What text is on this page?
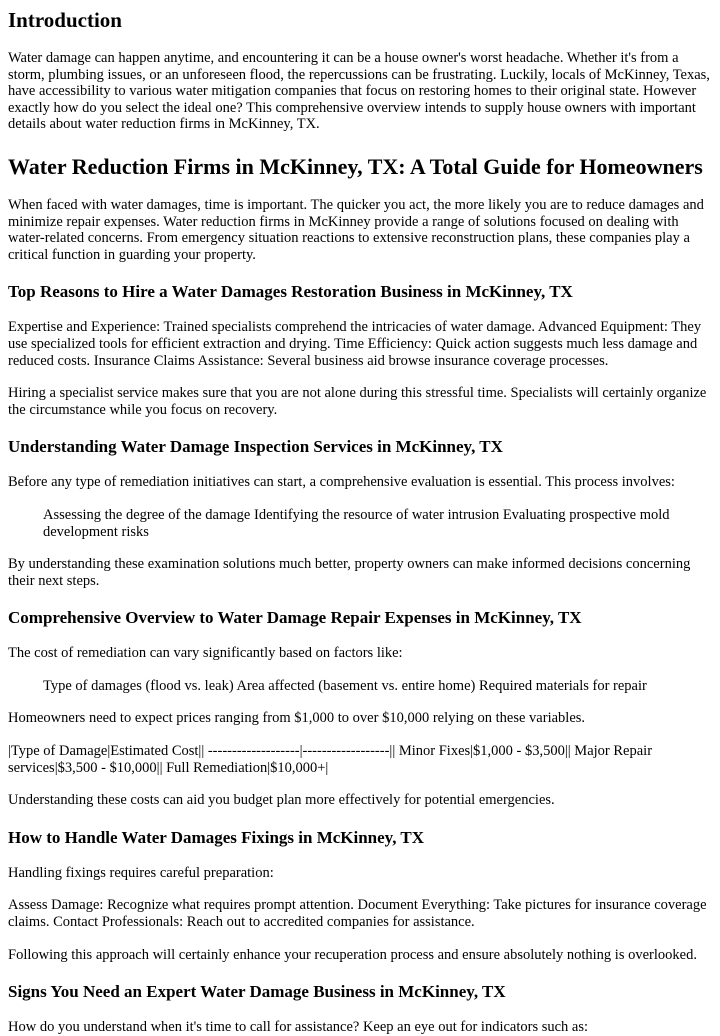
Introduction

Water damage can happen anytime, and encountering it can be a house owner's worst headache. Whether it's from a storm, plumbing issues, or an unforeseen flood, the repercussions can be frustrating. Luckily, locals of McKinney, Texas, have accessibility to various water mitigation companies that focus on restoring homes to their original state. However exactly how do you select the ideal one? This comprehensive overview intends to supply house owners with important details about water reduction firms in McKinney, TX.

Water Reduction Firms in McKinney, TX: A Total Guide for Homeowners

When faced with water damages, time is important. The quicker you act, the more likely you are to reduce damages and minimize repair expenses. Water reduction firms in McKinney provide a range of solutions focused on dealing with water-related concerns. From emergency situation reactions to extensive reconstruction plans, these companies play a critical function in guarding your property.

Top Reasons to Hire a Water Damages Restoration Business in McKinney, TX

Expertise and Experience: Trained specialists comprehend the intricacies of water damage. Advanced Equipment: They use specialized tools for efficient extraction and drying. Time Efficiency: Quick action suggests much less damage and reduced costs. Insurance Claims Assistance: Several business aid browse insurance coverage processes.

Hiring a specialist service makes sure that you are not alone during this stressful time. Specialists will certainly organize the circumstance while you focus on recovery.

Understanding Water Damage Inspection Services in McKinney, TX

Before any type of remediation initiatives can start, a comprehensive evaluation is essential. This process involves:

Assessing the degree of the damage Identifying the resource of water intrusion Evaluating prospective mold development risks

By understanding these examination solutions much better, property owners can make informed decisions concerning their next steps.

Comprehensive Overview to Water Damage Repair Expenses in McKinney, TX

The cost of remediation can vary significantly based on factors like:

Type of damages (flood vs. leak) Area affected (basement vs. entire home) Required materials for repair

Homeowners need to expect prices ranging from $1,000 to over $10,000 relying on these variables.

|Type of Damage|Estimated Cost|| -------------------|------------------|| Minor Fixes|$1,000 - $3,500|| Major Repair services|$3,500 - $10,000|| Full Remediation|$10,000+|

Understanding these costs can aid you budget plan more effectively for potential emergencies.

How to Handle Water Damages Fixings in McKinney, TX

Handling fixings requires careful preparation:

Assess Damage: Recognize what requires prompt attention. Document Everything: Take pictures for insurance coverage claims. Contact Professionals: Reach out to accredited companies for assistance.

Following this approach will certainly enhance your recuperation process and ensure absolutely nothing is overlooked.

Signs You Need an Expert Water Damage Business in McKinney, TX

How do you understand when it's time to call for assistance? Keep an eye out for indicators such as:
